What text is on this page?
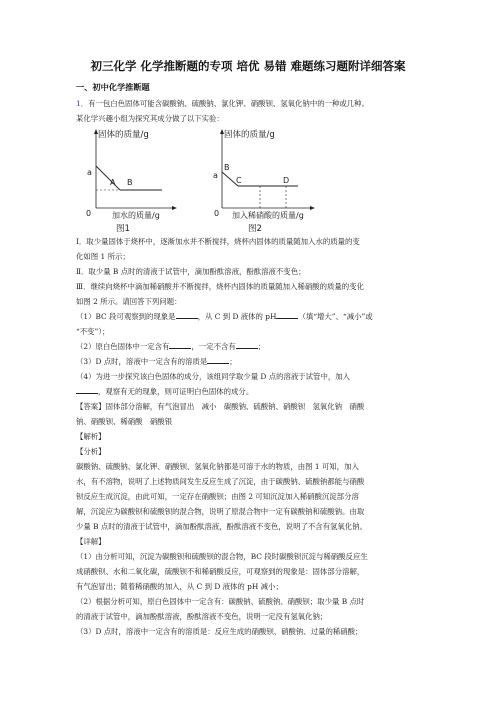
初三化学 化学推断题的专项 培优 易错 难题练习题附详细答案
一、初中化学推断题
1．有一包白色固体可能含碳酸钠、硫酸钠、氯化钾、硝酸钡、氢氧化钠中的一种或几种。
某化学兴趣小组为探究其成分做了以下实验：
固体的质量/g
a
A B
0	加水的质量/g
图1
固体的质量/g
B
a
C	D
0 加入稀硝酸的质量/g
图2
Ⅰ．取少量固体于烧杯中，逐渐加水并不断搅拌，烧杯内固体的质量随加入水的质量的变
化如图 1 所示；
Ⅱ．取少量 B 点时的清液于试管中，滴加酚酞溶液，酚酞溶液不变色；
Ⅲ．继续向烧杯中滴加稀硝酸并不断搅拌，烧杯内固体的质量随加入稀硝酸的质量的变化
如图 2 所示。请回答下列问题：
（1）BC 段可观察到的现象是	，从 C 到 D 液体的 pH	（填“增大”、“减小”或
“不变”）；
（2）原白色固体中一定含有	，一定不含有	；
（3）D 点时，溶液中一定含有的溶质是	；
（4）为进一步探究该白色固体的成分，该组同学取少量 D 点的溶液于试管中，加入
，观察有无的现象，则可证明白色固体的成分。
【答案】固体部分溶解，有气泡冒出　减小　碳酸钠、硫酸钠、硝酸钡　氢氧化钠　硝酸
钠、硝酸钡、稀硝酸　硝酸银
【解析】
【分析】
碳酸钠、硫酸钠、氯化钾、硝酸钡、氢氧化钠都是可溶于水的物质，由图 1 可知，加入
水，有不溶物，说明了上述物质间发生反应生成了沉淀，由于碳酸钠、硫酸钠都能与硝酸
钡反应生成沉淀，由此可知，一定存在硝酸钡；由图 2 可知沉淀加入稀硝酸沉淀部分溶
解，沉淀应为碳酸钡和硫酸钡的混合物，说明了原混合物中一定有碳酸钠和硫酸钠。由取
少量 B 点时的清液于试管中，滴加酚酞溶液，酚酞溶液不变色，说明了不含有氢氧化钠。
【详解】
（1）由分析可知，沉淀为碳酸钡和硫酸钡的混合物，BC 段时碳酸钡沉淀与稀硝酸反应生
成硝酸钡、水和二氧化碳，硫酸钡不和稀硝酸反应，可观察到的现象是：固体部分溶解，
有气泡冒出；随着稀硝酸的加入，从 C 到 D 液体的 pH 减小；
（2）根据分析可知，原白色固体中一定含有：碳酸钠、硫酸钠、硝酸钡；取少量 B 点时
的清液于试管中，滴加酚酞溶液，酚酞溶液不变色，说明一定没有氢氧化钠；
（3）D 点时，溶液中一定含有的溶质是：反应生成的硝酸钡、硝酸钠、过量的稀硝酸；
